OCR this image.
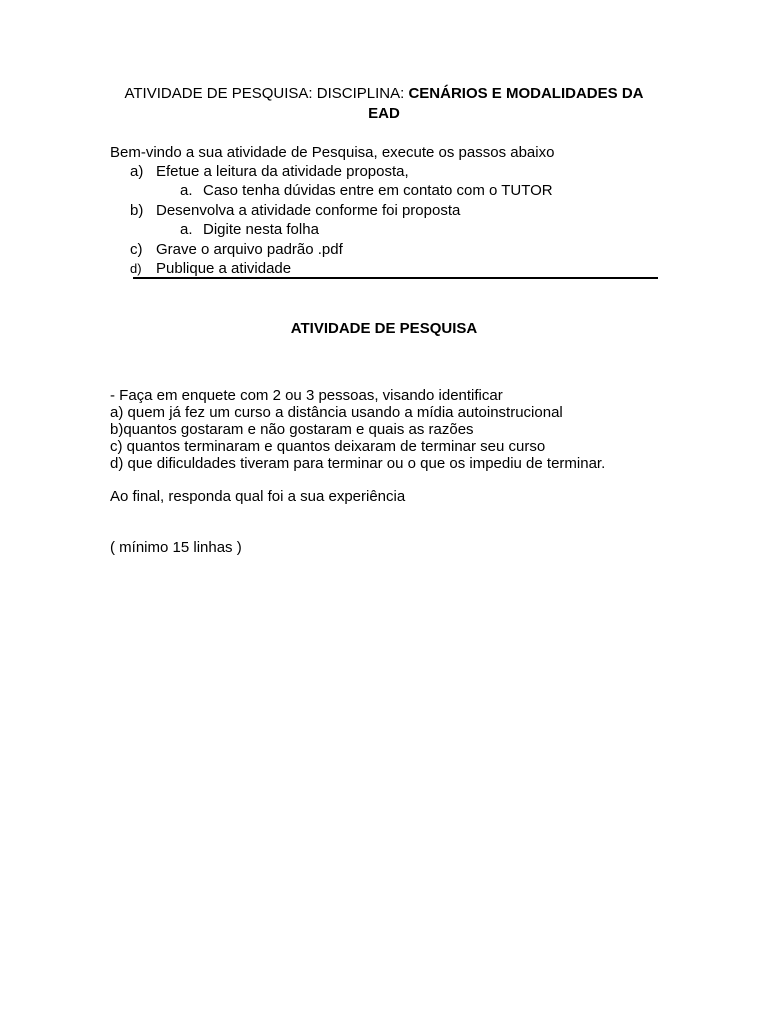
ATIVIDADE DE PESQUISA: DISCIPLINA: CENÁRIOS E MODALIDADES DA EAD
Bem-vindo a sua atividade de Pesquisa, execute os passos abaixo
a) Efetue a leitura da atividade proposta,
a. Caso tenha dúvidas entre em contato com o TUTOR
b) Desenvolva a atividade conforme foi proposta
a. Digite nesta folha
c) Grave o arquivo padrão .pdf
d) Publique a atividade
ATIVIDADE DE PESQUISA
- Faça em enquete com 2 ou 3 pessoas, visando identificar
a) quem já fez um curso a distância usando a mídia autoinstrucional
b)quantos gostaram e não gostaram e quais as razões
c) quantos terminaram e quantos deixaram de terminar seu curso
d) que dificuldades tiveram para terminar ou o que os impediu de terminar.
Ao final, responda qual foi a sua experiência
( mínimo 15 linhas )
